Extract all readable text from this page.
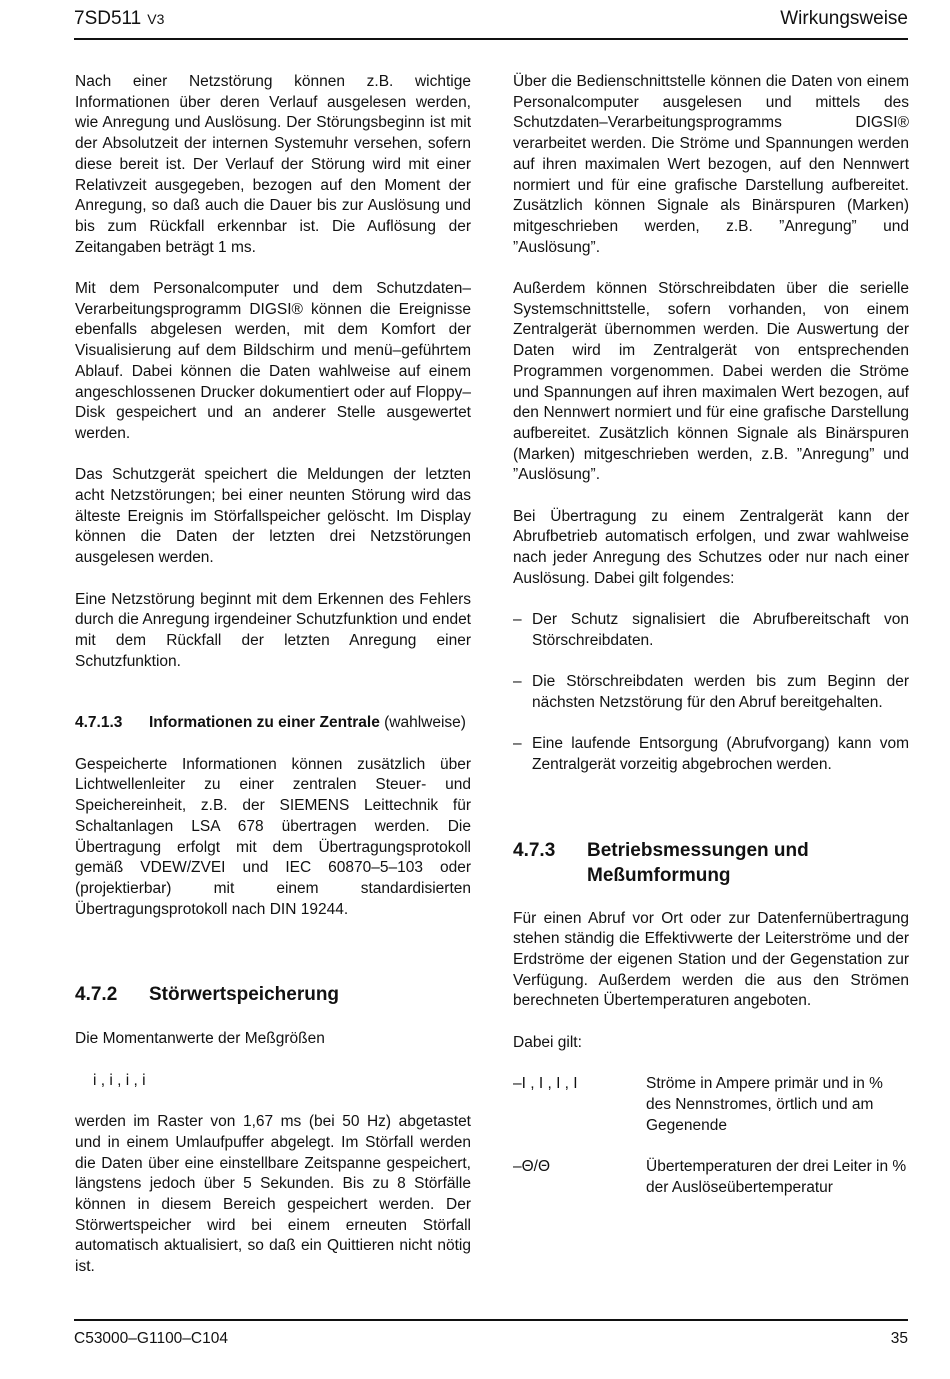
7SD511 V3	Wirkungsweise

Nach einer Netzstörung können z.B. wichtige Informationen über deren Verlauf ausgelesen werden, wie Anregung und Auslösung. Der Störungsbeginn ist mit der Absolutzeit der internen Systemuhr versehen, sofern diese bereit ist. Der Verlauf der Störung wird mit einer Relativzeit ausgegeben, bezogen auf den Moment der Anregung, so daß auch die Dauer bis zur Auslösung und bis zum Rückfall erkennbar ist. Die Auflösung der Zeitangaben beträgt 1 ms.

Mit dem Personalcomputer und dem Schutzdaten‒Verarbeitungsprogramm DIGSI® können die Ereignisse ebenfalls abgelesen werden, mit dem Komfort der Visualisierung auf dem Bildschirm und menü‒geführtem Ablauf. Dabei können die Daten wahlweise auf einem angeschlossenen Drucker dokumentiert oder auf Floppy‒Disk gespeichert und an anderer Stelle ausgewertet werden.

Das Schutzgerät speichert die Meldungen der letzten acht Netzstörungen; bei einer neunten Störung wird das älteste Ereignis im Störfallspeicher gelöscht. Im Display können die Daten der letzten drei Netzstörungen ausgelesen werden.

Eine Netzstörung beginnt mit dem Erkennen des Fehlers durch die Anregung irgendeiner Schutzfunktion und endet mit dem Rückfall der letzten Anregung einer Schutzfunktion.

4.7.1.3	Informationen zu einer Zentrale (wahlweise)

Gespeicherte Informationen können zusätzlich über Lichtwellenleiter zu einer zentralen Steuer- und Speichereinheit, z.B. der SIEMENS Leittechnik für Schaltanlagen LSA 678 übertragen werden. Die Übertragung erfolgt mit dem Übertragungsprotokoll gemäß VDEW/ZVEI und IEC 60870‒5‒103 oder (projektierbar) mit einem standardisierten Übertragungsprotokoll nach DIN 19244.

4.7.2	Störwertspeicherung

Die Momentanwerte der Meßgrößen

i , i , i , i

werden im Raster von 1,67 ms (bei 50 Hz) abgetastet und in einem Umlaufpuffer abgelegt. Im Störfall werden die Daten über eine einstellbare Zeitspanne gespeichert, längstens jedoch über 5 Sekunden. Bis zu 8 Störfälle können in diesem Bereich gespeichert werden. Der Störwertspeicher wird bei einem erneuten Störfall automatisch aktualisiert, so daß ein Quittieren nicht nötig ist.

Über die Bedienschnittstelle können die Daten von einem Personalcomputer ausgelesen und mittels des Schutzdaten‒Verarbeitungsprogramms DIGSI® verarbeitet werden. Die Ströme und Spannungen werden auf ihren maximalen Wert bezogen, auf den Nennwert normiert und für eine grafische Darstellung aufbereitet. Zusätzlich können Signale als Binärspuren (Marken) mitgeschrieben werden, z.B. ”Anregung” und ”Auslösung”.

Außerdem können Störschreibdaten über die serielle Systemschnittstelle, sofern vorhanden, von einem Zentralgerät übernommen werden. Die Auswertung der Daten wird im Zentralgerät von entsprechenden Programmen vorgenommen. Dabei werden die Ströme und Spannungen auf ihren maximalen Wert bezogen, auf den Nennwert normiert und für eine grafische Darstellung aufbereitet. Zusätzlich können Signale als Binärspuren (Marken) mitgeschrieben werden, z.B. ”Anregung” und ”Auslösung”.

Bei Übertragung zu einem Zentralgerät kann der Abrufbetrieb automatisch erfolgen, und zwar wahlweise nach jeder Anregung des Schutzes oder nur nach einer Auslösung. Dabei gilt folgendes:

‒ Der Schutz signalisiert die Abrufbereitschaft von Störschreibdaten.
‒ Die Störschreibdaten werden bis zum Beginn der nächsten Netzstörung für den Abruf bereitgehalten.
‒ Eine laufende Entsorgung (Abrufvorgang) kann vom Zentralgerät vorzeitig abgebrochen werden.
4.7.3	Betriebsmessungen und Meßumformung

Für einen Abruf vor Ort oder zur Datenfernübertragung stehen ständig die Effektivwerte der Leiterströme und der Erdströme der eigenen Station und der Gegenstation zur Verfügung. Außerdem werden die aus den Strömen berechneten Übertemperaturen angeboten.

Dabei gilt:

‒I , I , I , I	Ströme in Ampere primär und in % des Nennstromes, örtlich und am Gegenende
‒Θ/Θ	Übertemperaturen der drei Leiter in % der Auslöseübertemperatur
C53000‒G1100‒C104	35
